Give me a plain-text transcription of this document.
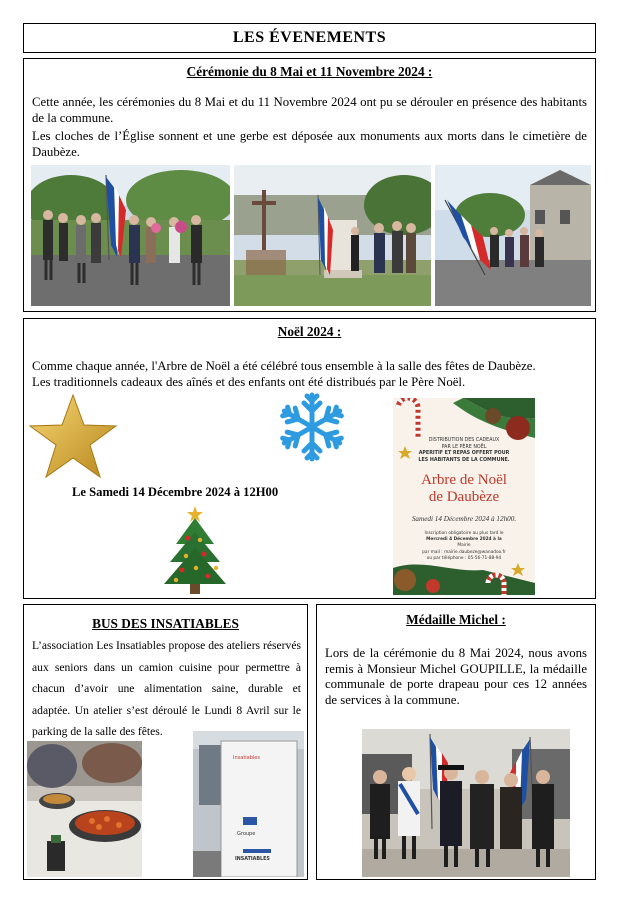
LES ÉVENEMENTS
Cérémonie du 8 Mai et 11 Novembre 2024 :
Cette année, les cérémonies du 8 Mai et du 11 Novembre 2024 ont pu se dérouler en présence des habitants de la commune.
Les cloches de l’Église sonnent et une gerbe est déposée aux monuments aux morts dans le cimetière de Daubèze.
Noël 2024 :
Comme chaque année, l'Arbre de Noël a été célébré tous ensemble à la salle des fêtes de Daubèze.
Les traditionnels cadeaux des aînés et des enfants ont été distribués par le Père Noël.
Le Samedi 14 Décembre 2024 à 12H00
DISTRIBUTION DES CADEAUX
PAR LE PÈRE NOËL
APERITIF ET REPAS OFFERT POUR
LES HABITANTS DE LA COMMUNE.
Arbre de Noël
de Daubèze
Samedi 14 Décembre 2024 à 12h00.
Inscription obligatoire au plus tard le
Mercredi 4 Décembre 2024 à la
Mairie
par mail : mairie.daubeze@wanadoo.fr
ou par téléphone : 05-56-71-88-94
BUS DES INSATIABLES
L’association Les Insatiables propose des ateliers réservés aux seniors dans un camion cuisine pour permettre à chacun d’avoir une alimentation saine, durable et adaptée. Un atelier s’est déroulé le Lundi 8 Avril sur le parking de la salle des fêtes.
Insatiables
Groupe
INSATIABLES
Médaille Michel :
Lors de la cérémonie du 8 Mai 2024, nous avons remis à Monsieur Michel GOUPILLE, la médaille communale de porte drapeau pour ces 12 années de services à la commune.
